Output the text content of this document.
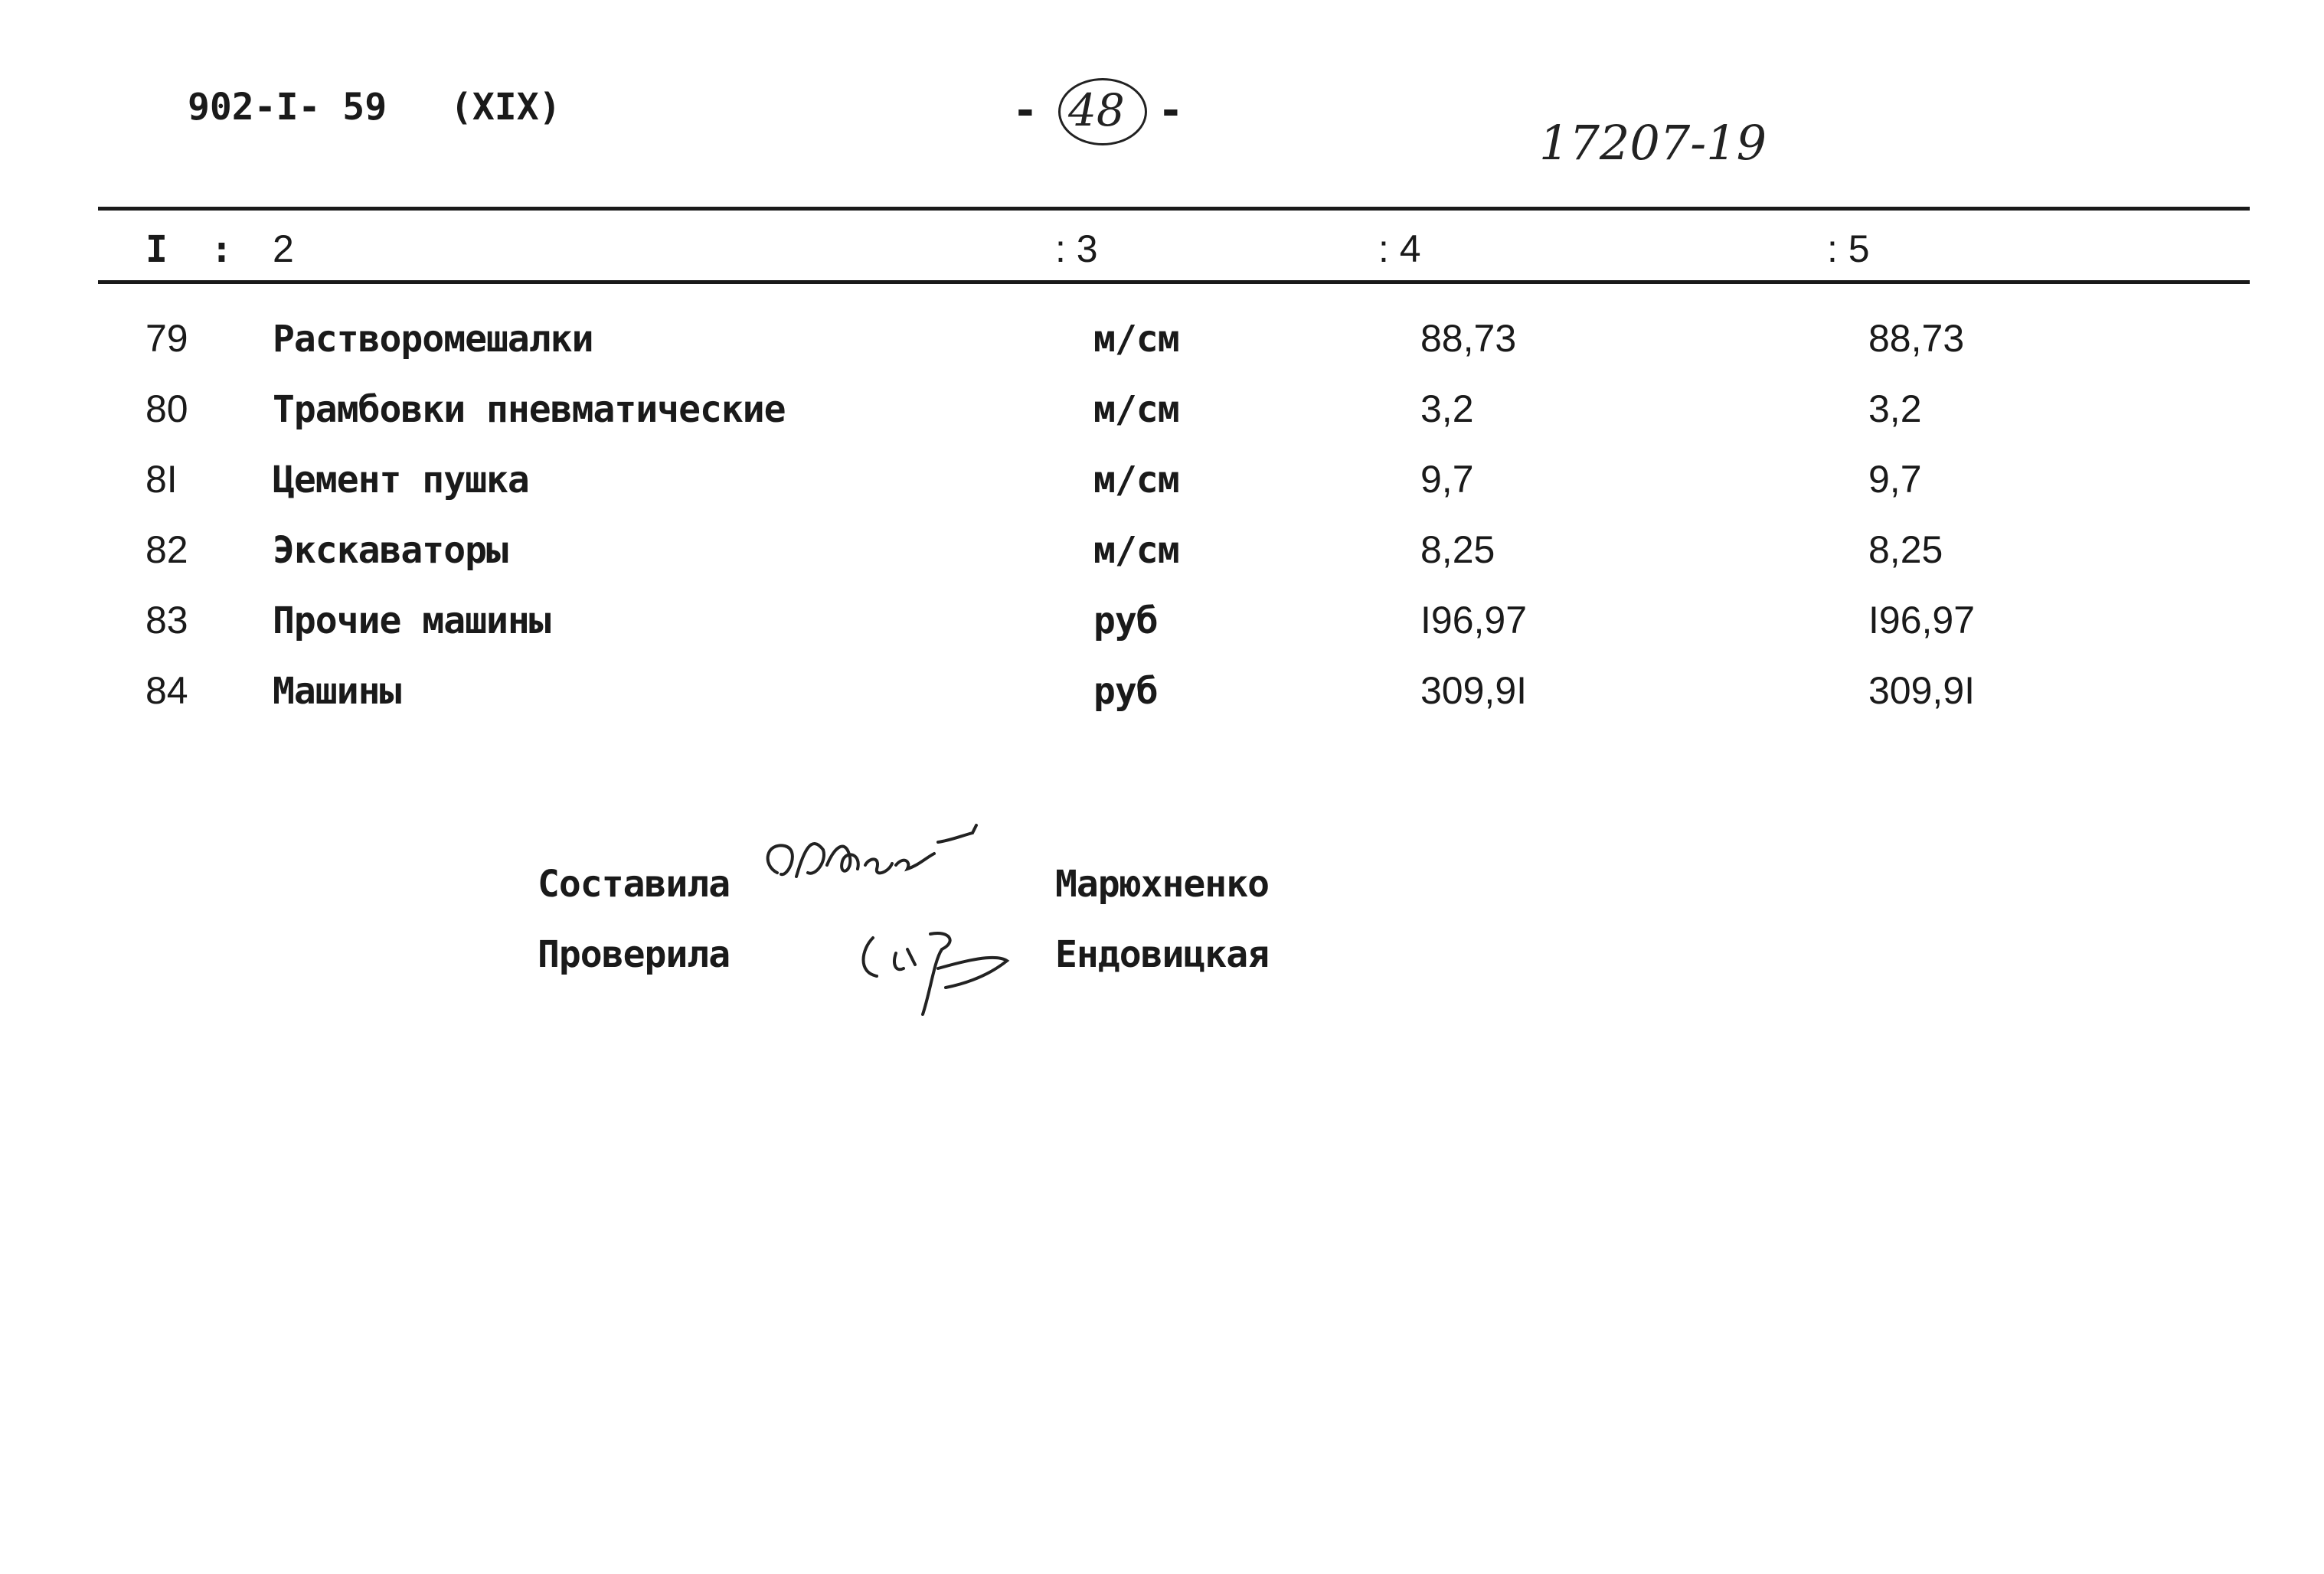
902-I- 59 (XIX)	- 48 -
17207-19
I : 2	: 3	: 4	: 5
79 Растворомешалки	м/см	88,73	88,73
80 Трамбовки пневматические	м/см	3,2	3,2
8I	Цемент пушка	м/см	9,7	9,7
82 Экскаваторы	м/см	8,25	8,25
83 Прочие машины	руб	I96,97	I96,97
84 Машины	руб	309,9I	309,9I
Составила	Марюхненко
Проверила	Ендовицкая
